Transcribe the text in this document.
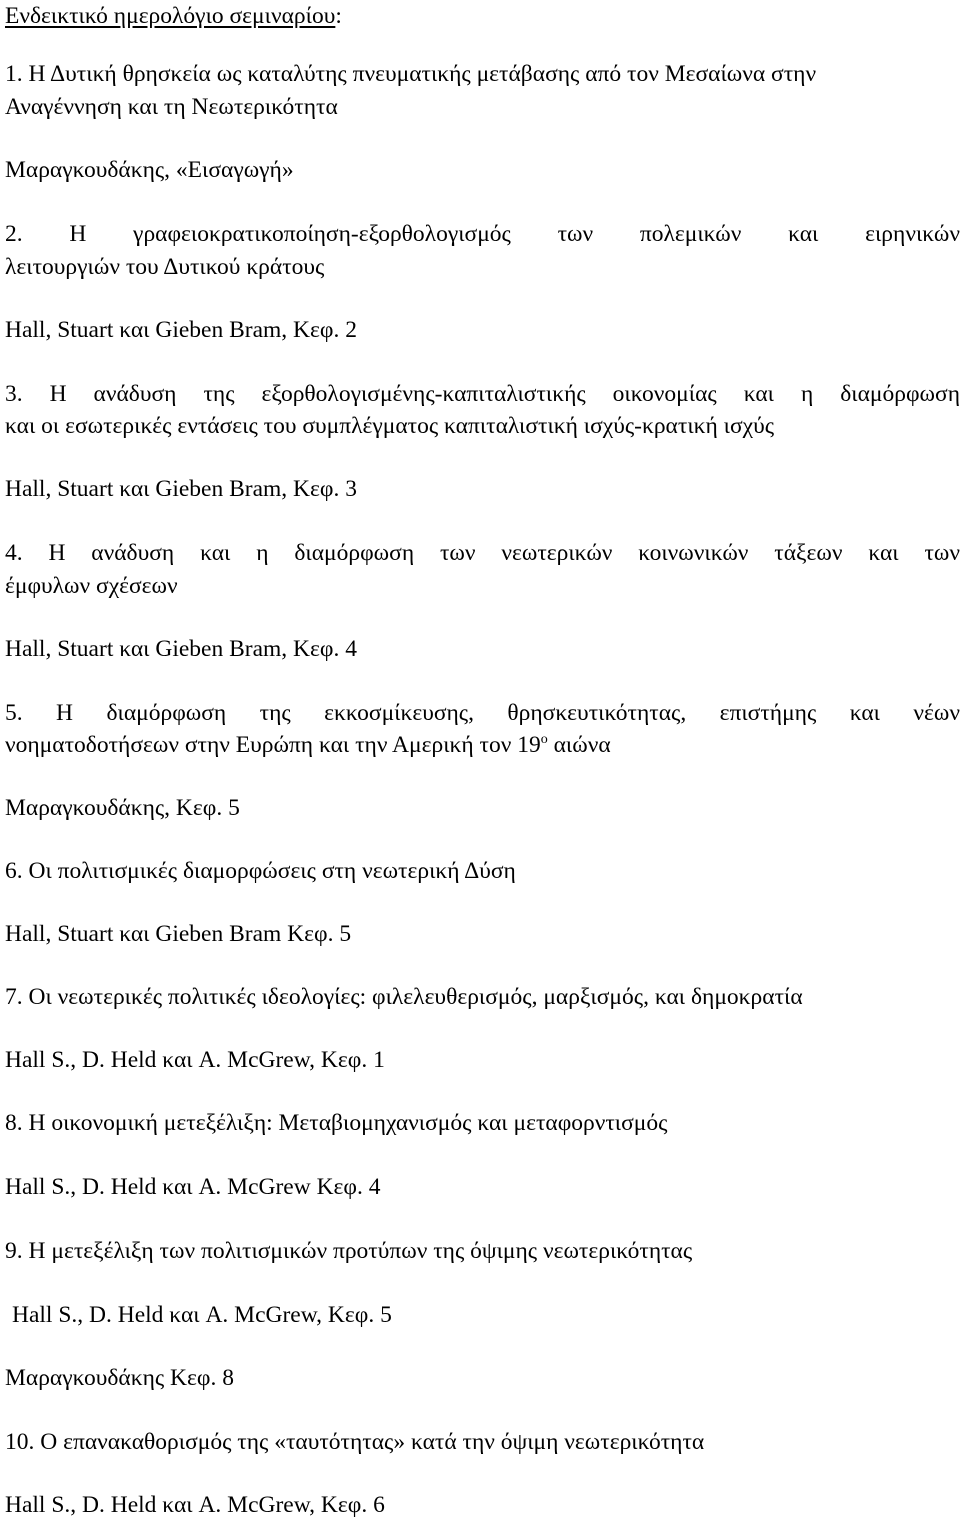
Ενδεικτικό ημερολόγιο σεμιναρίου:
1. Η Δυτική θρησκεία ως καταλύτης πνευματικής μετάβασης από τον Μεσαίωνα στην
Αναγέννηση και τη Νεωτερικότητα
Μαραγκουδάκης, «Εισαγωγή»
2. Η γραφειοκρατικοποίηση-εξορθολογισμός των πολεμικών και ειρηνικών
λειτουργιών του Δυτικού κράτους
Hall, Stuart και Gieben Bram, Κεφ. 2
3. Η ανάδυση της εξορθολογισμένης-καπιταλιστικής οικονομίας και η διαμόρφωση
και οι εσωτερικές εντάσεις του συμπλέγματος καπιταλιστική ισχύς-κρατική ισχύς
Hall, Stuart και Gieben Bram, Κεφ. 3
4. Η ανάδυση και η διαμόρφωση των νεωτερικών κοινωνικών τάξεων και των
έμφυλων σχέσεων
Hall, Stuart και Gieben Bram, Κεφ. 4
5. Η διαμόρφωση της εκκοσμίκευσης, θρησκευτικότητας, επιστήμης και νέων
νοηματοδοτήσεων στην Ευρώπη και την Αμερική τον $19^o$ αιώνα
Μαραγκουδάκης, Κεφ. 5
6. Οι πολιτισμικές διαμορφώσεις στη νεωτερική Δύση
Hall, Stuart και Gieben Bram Κεφ. 5
7. Οι νεωτερικές πολιτικές ιδεολογίες: φιλελευθερισμός, μαρξισμός, και δημοκρατία
Hall S., D. Held και A. McGrew, Κεφ. 1
8. Η οικονομική μετεξέλιξη: Μεταβιομηχανισμός και μεταφορντισμός
Hall S., D. Held και A. McGrew Κεφ. 4
9. Η μετεξέλιξη των πολιτισμικών προτύπων της όψιμης νεωτερικότητας
Hall S., D. Held και A. McGrew, Κεφ. 5
Μαραγκουδάκης Κεφ. 8
10. Ο επανακαθορισμός της «ταυτότητας» κατά την όψιμη νεωτερικότητα
Hall S., D. Held και A. McGrew, Κεφ. 6
